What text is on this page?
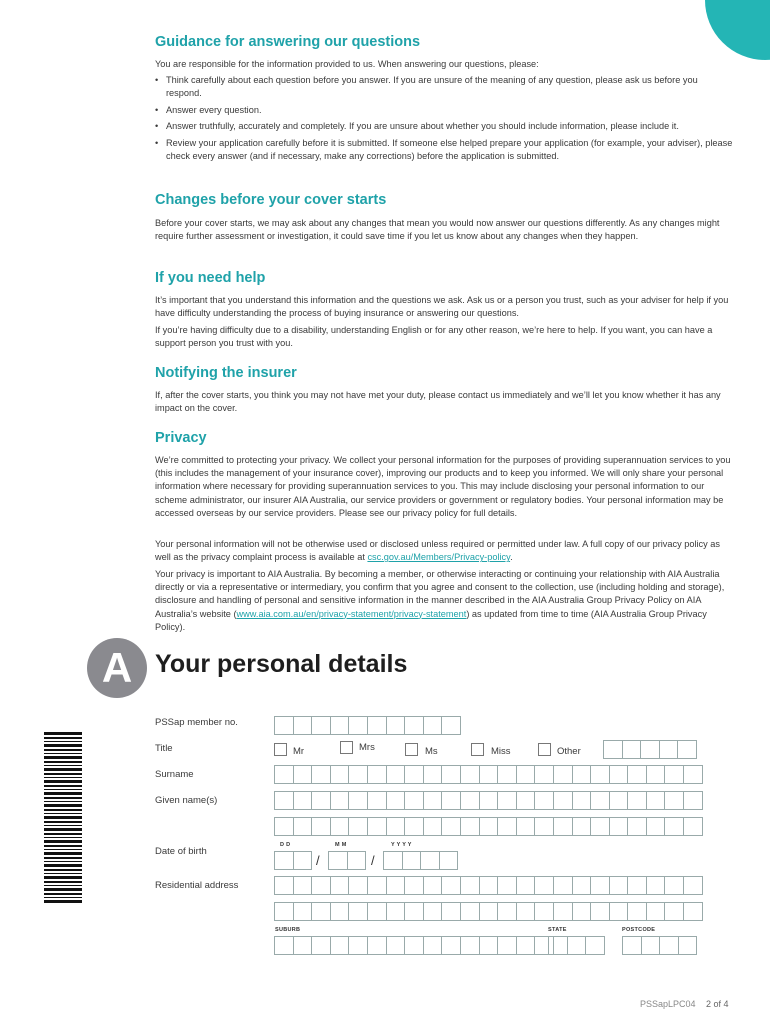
Guidance for answering our questions

You are responsible for the information provided to us. When answering our questions, please:

• Think carefully about each question before you answer. If you are unsure of the meaning of any question, please ask us before you respond.
• Answer every question.
• Answer truthfully, accurately and completely. If you are unsure about whether you should include information, please include it.
• Review your application carefully before it is submitted. If someone else helped prepare your application (for example, your adviser), please check every answer (and if necessary, make any corrections) before the application is submitted.
Changes before your cover starts

Before your cover starts, we may ask about any changes that mean you would now answer our questions differently. As any changes might require further assessment or investigation, it could save time if you let us know about any changes when they happen.

If you need help

It’s important that you understand this information and the questions we ask. Ask us or a person you trust, such as your adviser for help if you have difficulty understanding the process of buying insurance or answering our questions.

If you’re having difficulty due to a disability, understanding English or for any other reason, we’re here to help. If you want, you can have a support person you trust with you.

Notifying the insurer

If, after the cover starts, you think you may not have met your duty, please contact us immediately and we’ll let you know whether it has any impact on the cover.

Privacy

We’re committed to protecting your privacy. We collect your personal information for the purposes of providing superannuation services to you (this includes the management of your insurance cover), improving our products and to keep you informed. We will only share your personal information where necessary for providing superannuation services to you. This may include disclosing your personal information to our scheme administrator, our insurer AIA Australia, our service providers or government or regulatory bodies. Your personal information may be accessed overseas by our service providers. Please see our privacy policy for full details.

Your personal information will not be otherwise used or disclosed unless required or permitted under law. A full copy of our privacy policy as well as the privacy complaint process is available at csc.gov.au/Members/Privacy-policy.

Your privacy is important to AIA Australia. By becoming a member, or otherwise interacting or continuing your relationship with AIA Australia directly or via a representative or intermediary, you confirm that you agree and consent to the collection, use (including holding and storage), disclosure and handling of personal and sensitive information in the manner described in the AIA Australia Group Privacy Policy on AIA Australia’s website (www.aia.com.au/en/privacy-statement/privacy-statement) as updated from time to time (AIA Australia Group Privacy Policy).

A Your personal details
PSSap member no.
Title	Mr	Mrs	Ms	Miss	Other
Surname
Given name(s)
D D	M M	Y Y Y Y
Date of birth
/	/
Residential address
SUBURB	STATE	POSTCODE
PSSapLPC04 2 of 4
